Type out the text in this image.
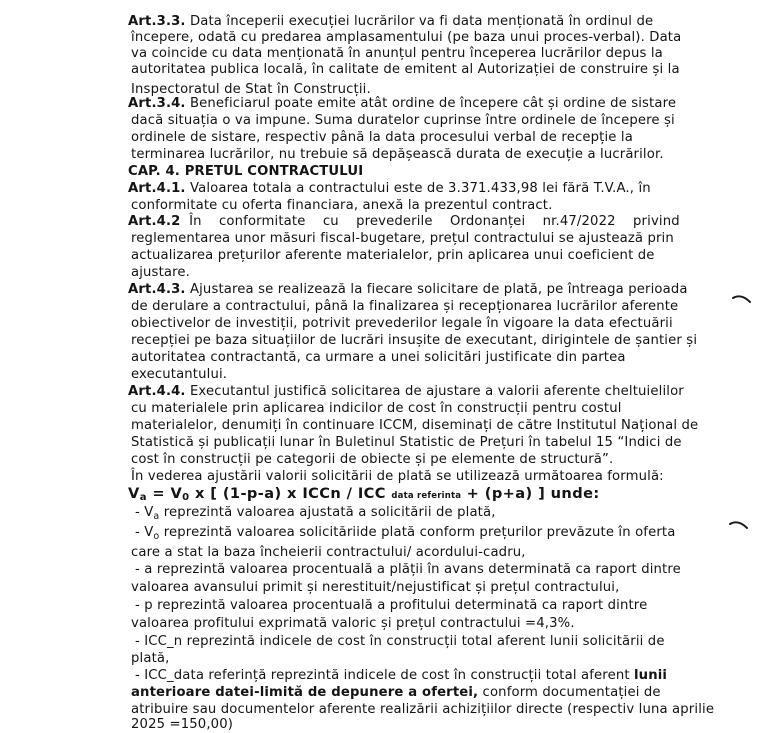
Art.3.3. Data începerii execuției lucrărilor va fi data menționată în ordinul de
începere, odată cu predarea amplasamentului (pe baza unui proces-verbal). Data
va coincide cu data menționată în anunțul pentru începerea lucrărilor depus la
autoritatea publica locală, în calitate de emitent al Autorizației de construire și la
Inspectoratul de Stat în Construcții.
Art.3.4. Beneficiarul poate emite atât ordine de începere cât și ordine de sistare
dacă situația o va impune. Suma duratelor cuprinse între ordinele de începere și
ordinele de sistare, respectiv până la data procesului verbal de recepție la
terminarea lucrărilor, nu trebuie să depășească durata de execuție a lucrărilor.
CAP. 4. PRETUL CONTRACTULUI
Art.4.1. Valoarea totala a contractului este de 3.371.433,98 lei fără T.V.A., în
conformitate cu oferta financiara, anexă la prezentul contract.
Art.4.2  În    conformitate    cu    prevederile    Ordonanței    nr.47/2022    privind
reglementarea unor măsuri fiscal-bugetare, prețul contractului se ajustează prin
actualizarea prețurilor aferente materialelor, prin aplicarea unui coeficient de
ajustare.
Art.4.3. Ajustarea se realizează la fiecare solicitare de plată, pe întreaga perioada
de derulare a contractului, până la finalizarea și recepționarea lucrărilor aferente
obiectivelor de investiții, potrivit prevederilor legale în vigoare la data efectuării
recepției pe baza situațiilor de lucrări insușite de executant, dirigintele de șantier și
autoritatea contractantă, ca urmare a unei solicitări justificate din partea
executantului.
Art.4.4. Executantul justifică solicitarea de ajustare a valorii aferente cheltuielilor
cu materialele prin aplicarea indicilor de cost în construcții pentru costul
materialelor, denumiți în continuare ICCM, diseminați de către Institutul Național de
Statistică și publicații lunar în Buletinul Statistic de Prețuri în tabelul 15 “Indici de
cost în construcții pe categorii de obiecte și pe elemente de structură”.
În vederea ajustării valorii solicitării de plată se utilizează următoarea formulă:
$V_a = V_0$ x [ (1-p-a) x ICCn / ICC data referinta + (p+a) ] unde:
- $V_a$ reprezintă valoarea ajustată a solicitării de plată,
- $V_o$ reprezintă valoarea solicităriide plată conform prețurilor prevăzute în oferta
care a stat la baza încheierii contractului/ acordului-cadru,
- a reprezintă valoarea procentuală a plății în avans determinată ca raport dintre
valoarea avansului primit și nerestituit/nejustificat și prețul contractului,
- p reprezintă valoarea procentuală a profitului determinată ca raport dintre
valoarea profitului exprimată valoric și prețul contractului =4,3%.
- ICC_n reprezintă indicele de cost în construcții total aferent lunii solicitării de
plată,
- ICC_data referință reprezintă indicele de cost în construcții total aferent lunii
anterioare datei-limită de depunere a ofertei, conform documentației de
atribuire sau documentelor aferente realizării achizițiilor directe (respectiv luna aprilie
2025 =150,00)
